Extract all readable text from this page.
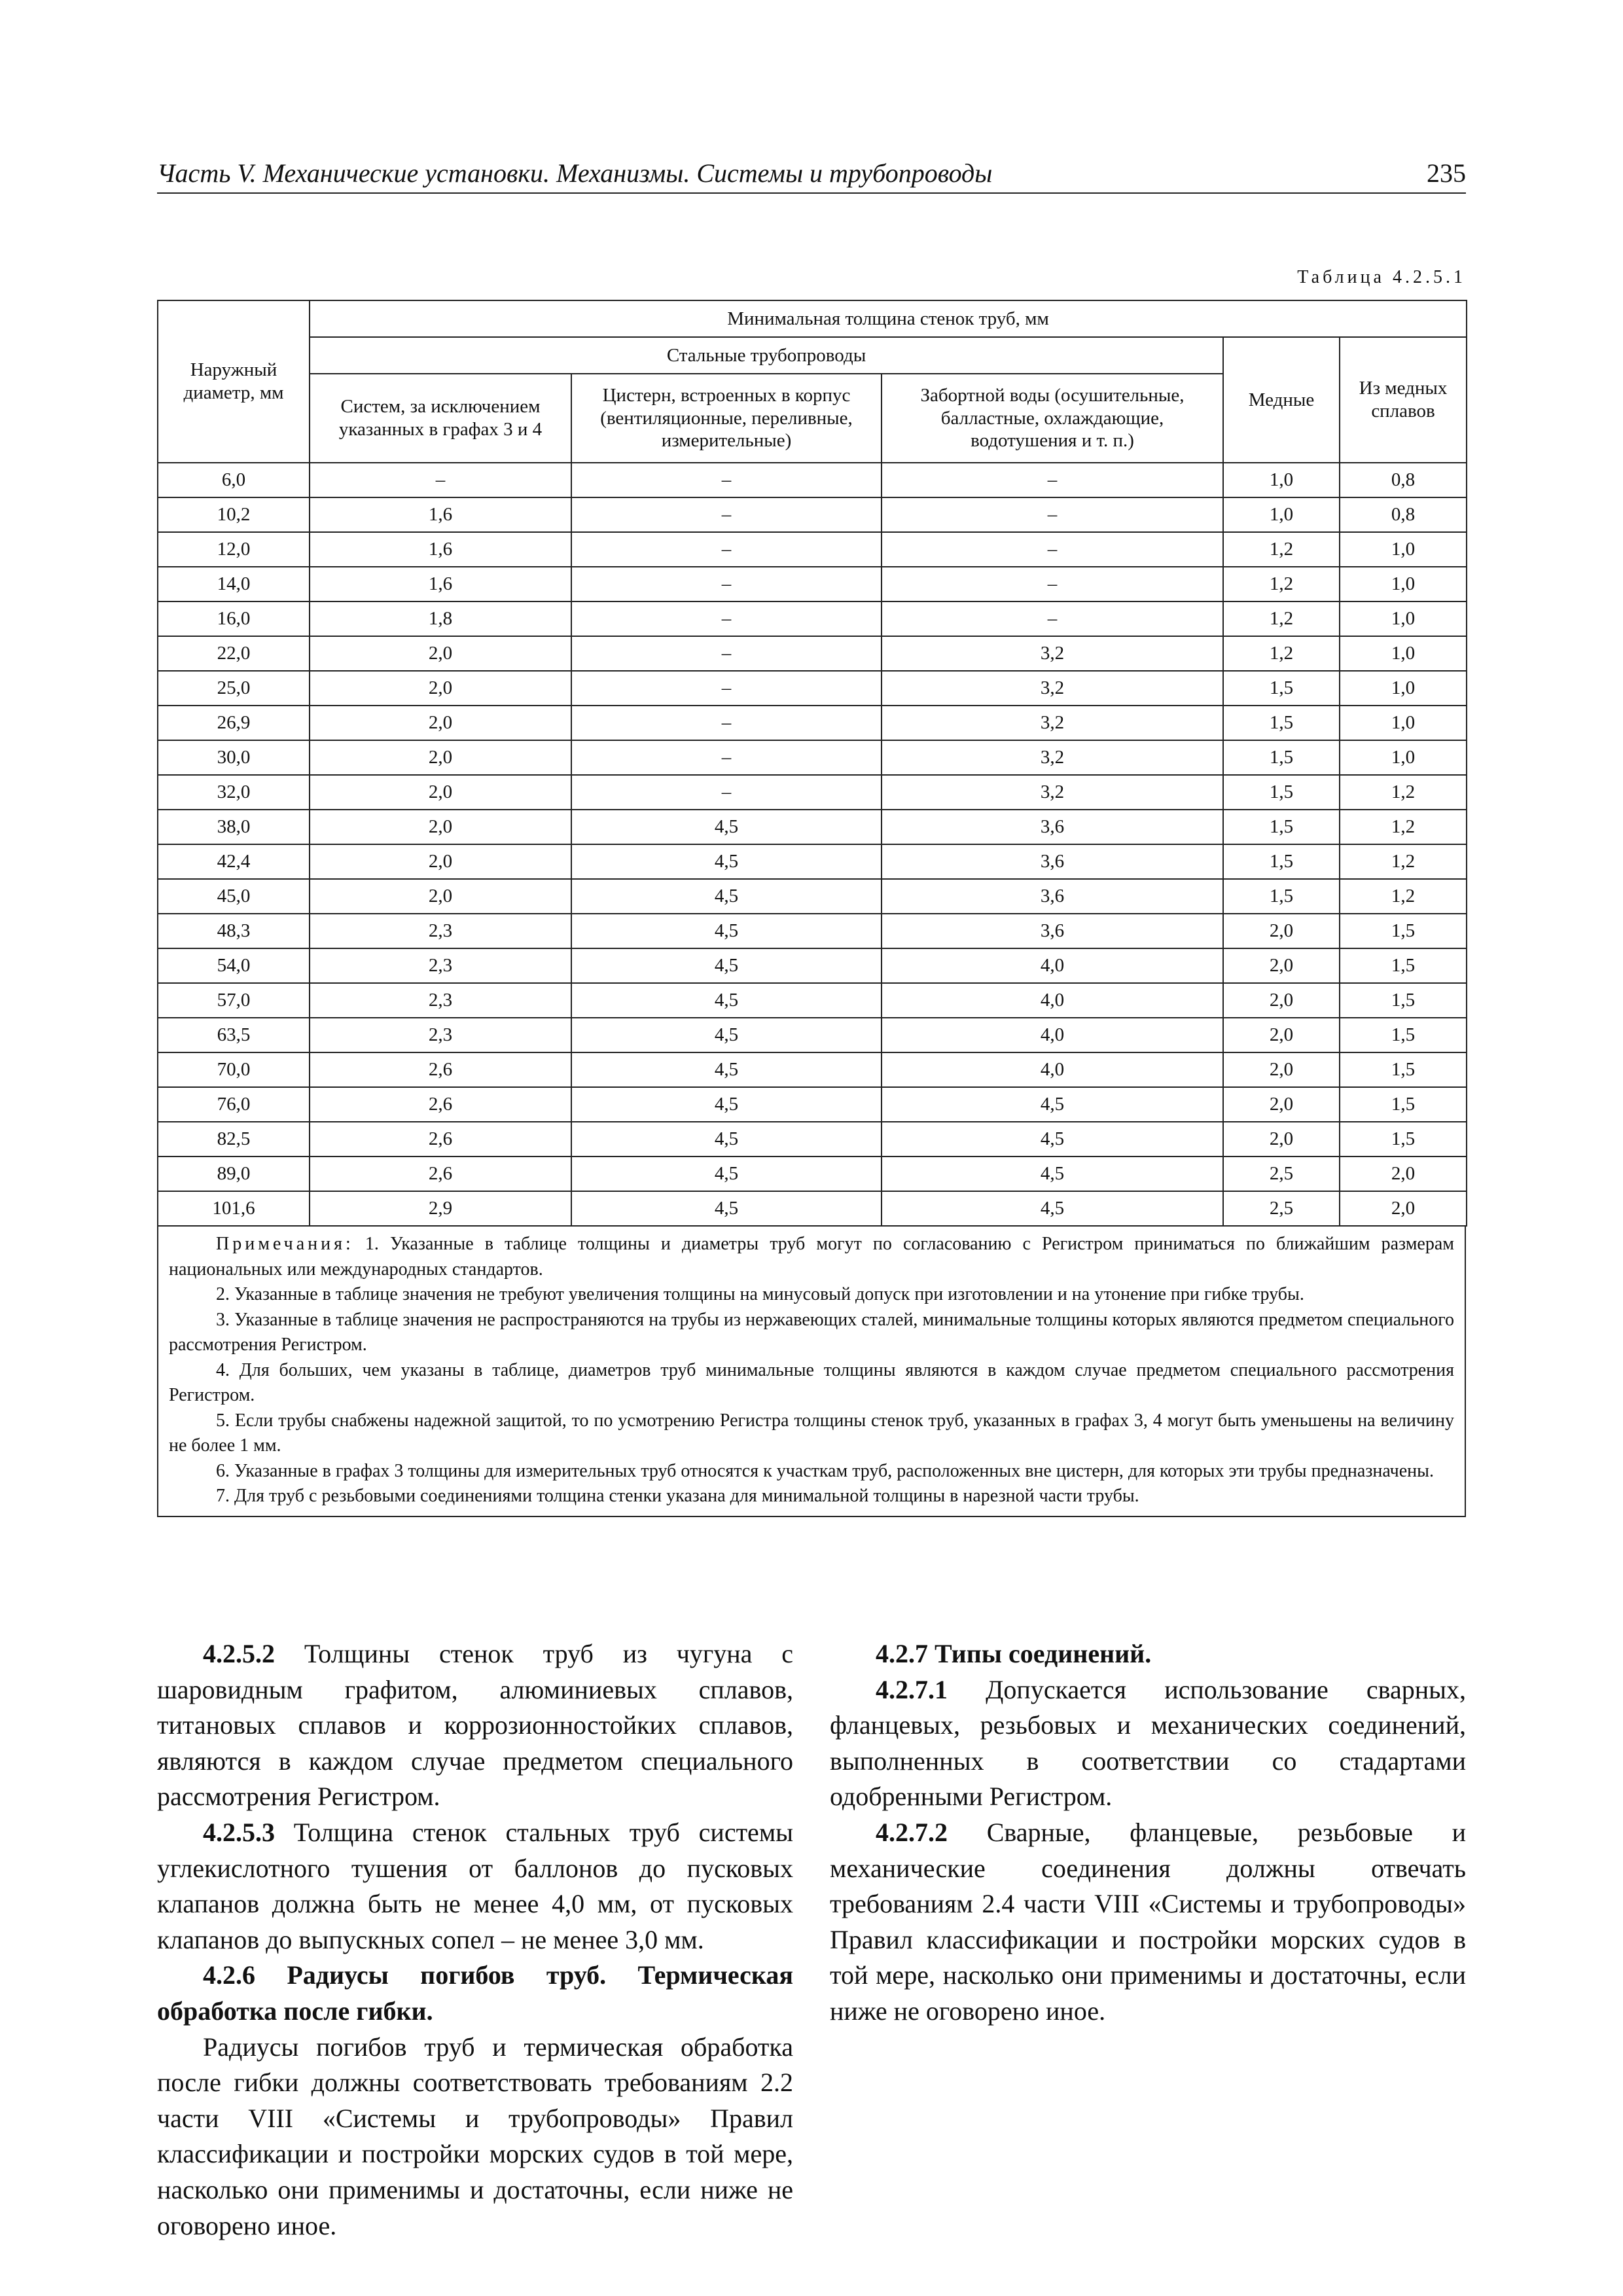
Часть V. Механические установки. Механизмы. Системы и трубопроводы	235
Таблица 4.2.5.1
Наружный диаметр, мм	Минимальная толщина стенок труб, мм				
	Стальные трубопроводы			Медные	Из медных сплавов
	Систем, за исключением указанных в графах 3 и 4	Цистерн, встроенных в корпус (вентиляционные, переливные, измерительные)	Забортной воды (осушительные, балластные, охлаждающие, водотушения и т. п.)		
6,0	–	–	–	1,0	0,8
10,2	1,6	–	–	1,0	0,8
12,0	1,6	–	–	1,2	1,0
14,0	1,6	–	–	1,2	1,0
16,0	1,8	–	–	1,2	1,0
22,0	2,0	–	3,2	1,2	1,0
25,0	2,0	–	3,2	1,5	1,0
26,9	2,0	–	3,2	1,5	1,0
30,0	2,0	–	3,2	1,5	1,0
32,0	2,0	–	3,2	1,5	1,2
38,0	2,0	4,5	3,6	1,5	1,2
42,4	2,0	4,5	3,6	1,5	1,2
45,0	2,0	4,5	3,6	1,5	1,2
48,3	2,3	4,5	3,6	2,0	1,5
54,0	2,3	4,5	4,0	2,0	1,5
57,0	2,3	4,5	4,0	2,0	1,5
63,5	2,3	4,5	4,0	2,0	1,5
70,0	2,6	4,5	4,0	2,0	1,5
76,0	2,6	4,5	4,5	2,0	1,5
82,5	2,6	4,5	4,5	2,0	1,5
89,0	2,6	4,5	4,5	2,5	2,0
101,6	2,9	4,5	4,5	2,5	2,0

Примечания: 1. Указанные в таблице толщины и диаметры труб могут по согласованию с Регистром приниматься по ближайшим размерам национальных или международных стандартов.

2. Указанные в таблице значения не требуют увеличения толщины на минусовый допуск при изготовлении и на утонение при гибке трубы.

3. Указанные в таблице значения не распространяются на трубы из нержавеющих сталей, минимальные толщины которых являются предметом специального рассмотрения Регистром.

4. Для больших, чем указаны в таблице, диаметров труб минимальные толщины являются в каждом случае предметом специального рассмотрения Регистром.

5. Если трубы снабжены надежной защитой, то по усмотрению Регистра толщины стенок труб, указанных в графах 3, 4 могут быть уменьшены на величину не более 1 мм.

6. Указанные в графах 3 толщины для измерительных труб относятся к участкам труб, расположенных вне цистерн, для которых эти трубы предназначены.

7. Для труб с резьбовыми соединениями толщина стенки указана для минимальной толщины в нарезной части трубы.

4.2.5.2 Толщины стенок труб из чугуна с шаровидным графитом, алюминиевых сплавов, титановых сплавов и коррозионностойких сплавов, являются в каждом случае предметом специального рассмотрения Регистром.

4.2.5.3 Толщина стенок стальных труб системы углекислотного тушения от баллонов до пусковых клапанов должна быть не менее 4,0 мм, от пусковых клапанов до выпускных сопел – не менее 3,0 мм.

4.2.6 Радиусы погибов труб. Термическая обработка после гибки.

Радиусы погибов труб и термическая обработка после гибки должны соответствовать требованиям 2.2 части VIII «Системы и трубопроводы» Правил классификации и постройки морских судов в той мере, насколько они применимы и достаточны, если ниже не оговорено иное.

4.2.7 Типы соединений.

4.2.7.1 Допускается использование сварных, фланцевых, резьбовых и механических соединений, выполненных в соответствии со стадартами одобренными Регистром.

4.2.7.2 Сварные, фланцевые, резьбовые и механические соединения должны отвечать требованиям 2.4 части VIII «Системы и трубопроводы» Правил классификации и постройки морских судов в той мере, насколько они применимы и достаточны, если ниже не оговорено иное.
